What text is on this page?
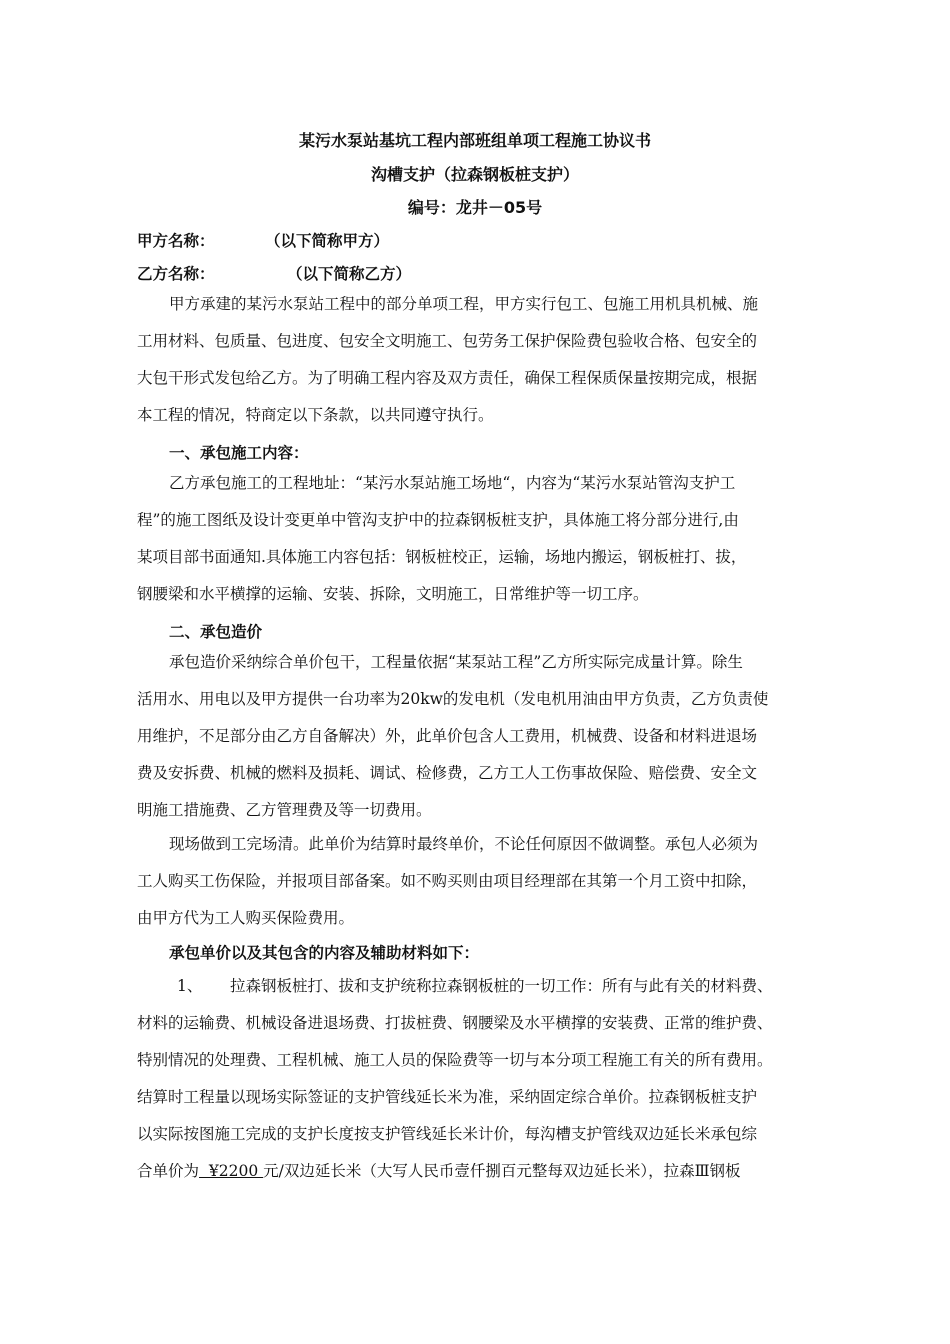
某污水泵站基坑工程内部班组单项工程施工协议书
沟槽支护（拉森钢板桩支护）
编号：龙井－05号
甲方名称：	（以下简称甲方）
乙方名称：	（以下简称乙方）
甲方承建的某污水泵站工程中的部分单项工程，甲方实行包工、包施工用机具机械、施
工用材料、包质量、包进度、包安全文明施工、包劳务工保护保险费包验收合格、包安全的
大包干形式发包给乙方。为了明确工程内容及双方责任，确保工程保质保量按期完成，根据
本工程的情况，特商定以下条款，以共同遵守执行。
一、承包施工内容：
乙方承包施工的工程地址：“某污水泵站施工场地“，内容为“某污水泵站管沟支护工
程”的施工图纸及设计变更单中管沟支护中的拉森钢板桩支护，具体施工将分部分进行,由
某项目部书面通知.具体施工内容包括：钢板桩校正，运输，场地内搬运，钢板桩打、拔，
钢腰梁和水平横撑的运输、安装、拆除，文明施工，日常维护等一切工序。
二、承包造价
承包造价采纳综合单价包干，工程量依据“某泵站工程”乙方所实际完成量计算。除生
活用水、用电以及甲方提供一台功率为20kw的发电机（发电机用油由甲方负责，乙方负责使
用维护，不足部分由乙方自备解决）外，此单价包含人工费用，机械费、设备和材料进退场
费及安拆费、机械的燃料及损耗、调试、检修费，乙方工人工伤事故保险、赔偿费、安全文
明施工措施费、乙方管理费及等一切费用。
现场做到工完场清。此单价为结算时最终单价，不论任何原因不做调整。承包人必须为
工人购买工伤保险，并报项目部备案。如不购买则由项目经理部在其第一个月工资中扣除，
由甲方代为工人购买保险费用。
承包单价以及其包含的内容及辅助材料如下：
1、 拉森钢板桩打、拔和支护统称拉森钢板桩的一切工作：所有与此有关的材料费、
材料的运输费、机械设备进退场费、打拔桩费、钢腰梁及水平横撑的安装费、正常的维护费、
特别情况的处理费、工程机械、施工人员的保险费等一切与本分项工程施工有关的所有费用。
结算时工程量以现场实际签证的支护管线延长米为准，采纳固定综合单价。拉森钢板桩支护
以实际按图施工完成的支护长度按支护管线延长米计价，每沟槽支护管线双边延长米承包综
合单价为  ¥2200 元/双边延长米（大写人民币壹仟捌百元整每双边延长米），拉森Ⅲ钢板
